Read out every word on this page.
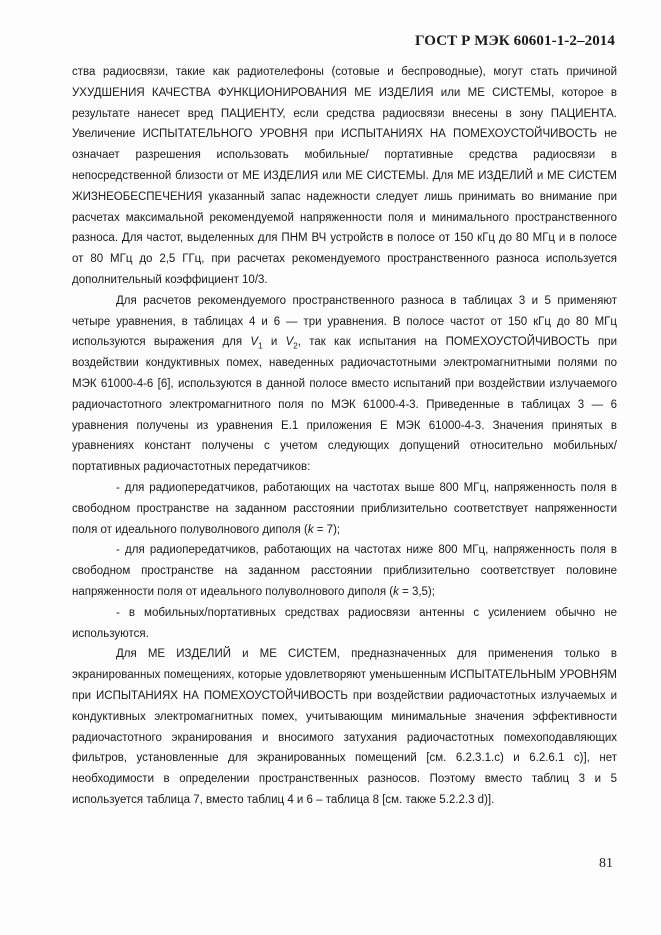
ГОСТ Р МЭК 60601-1-2–2014

ства радиосвязи, такие как радиотелефоны (сотовые и беспроводные), могут стать причиной УХУДШЕНИЯ КАЧЕСТВА ФУНКЦИОНИРОВАНИЯ МЕ ИЗДЕЛИЯ или МЕ СИСТЕМЫ, которое в результате нанесет вред ПАЦИЕНТУ, если средства радиосвязи внесены в зону ПАЦИЕНТА. Увеличение ИСПЫТАТЕЛЬНОГО УРОВНЯ при ИСПЫТАНИЯХ НА ПОМЕХОУСТОЙЧИВОСТЬ не означает разрешения использовать мобильные/ портативные средства радиосвязи в непосредственной близости от МЕ ИЗДЕЛИЯ или МЕ СИСТЕМЫ. Для МЕ ИЗДЕЛИЙ и МЕ СИСТЕМ ЖИЗНЕОБЕСПЕЧЕНИЯ указанный запас надежности следует лишь принимать во внимание при расчетах максимальной рекомендуемой напряженности поля и минимального пространственного разноса. Для частот, выделенных для ПНМ ВЧ устройств в полосе от 150 кГц до 80 МГц и в полосе от 80 МГц до 2,5 ГГц, при расчетах рекомендуемого пространственного разноса используется дополнительный коэффициент 10/3.

Для расчетов рекомендуемого пространственного разноса в таблицах 3 и 5 применяют четыре уравнения, в таблицах 4 и 6 — три уравнения. В полосе частот от 150 кГц до 80 МГц используются выражения для $V_1$ и $V_2$, так как испытания на ПОМЕХОУСТОЙЧИВОСТЬ при воздействии кондуктивных помех, наведенных радиочастотными электромагнитными полями по МЭК 61000-4-6 [6], используются в данной полосе вместо испытаний при воздействии излучаемого радиочастотного электромагнитного поля по МЭК 61000-4-3. Приведенные в таблицах 3 — 6 уравнения получены из уравнения Е.1 приложения Е МЭК 61000-4-3. Значения принятых в уравнениях констант получены с учетом следующих допущений относительно мобильных/портативных радиочастотных передатчиков:

- для радиопередатчиков, работающих на частотах выше 800 МГц, напряженность поля в свободном пространстве на заданном расстоянии приблизительно соответствует напряженности поля от идеального полуволнового диполя (k = 7);

- для радиопередатчиков, работающих на частотах ниже 800 МГц, напряженность поля в свободном пространстве на заданном расстоянии приблизительно соответствует половине напряженности поля от идеального полуволнового диполя (k = 3,5);

- в мобильных/портативных средствах радиосвязи антенны с усилением обычно не используются.

Для МЕ ИЗДЕЛИЙ и МЕ СИСТЕМ, предназначенных для применения только в экранированных помещениях, которые удовлетворяют уменьшенным ИСПЫТАТЕЛЬНЫМ УРОВНЯМ при ИСПЫТАНИЯХ НА ПОМЕХОУСТОЙЧИВОСТЬ при воздействии радиочастотных излучаемых и кондуктивных электромагнитных помех, учитывающим минимальные значения эффективности радиочастотного экранирования и вносимого затухания радиочастотных помехоподавляющих фильтров, установленные для экранированных помещений [см. 6.2.3.1.с) и 6.2.6.1 с)], нет необходимости в определении пространственных разносов. Поэтому вместо таблиц 3 и 5 используется таблица 7, вместо таблиц 4 и 6 – таблица 8 [см. также 5.2.2.3 d)].

81
